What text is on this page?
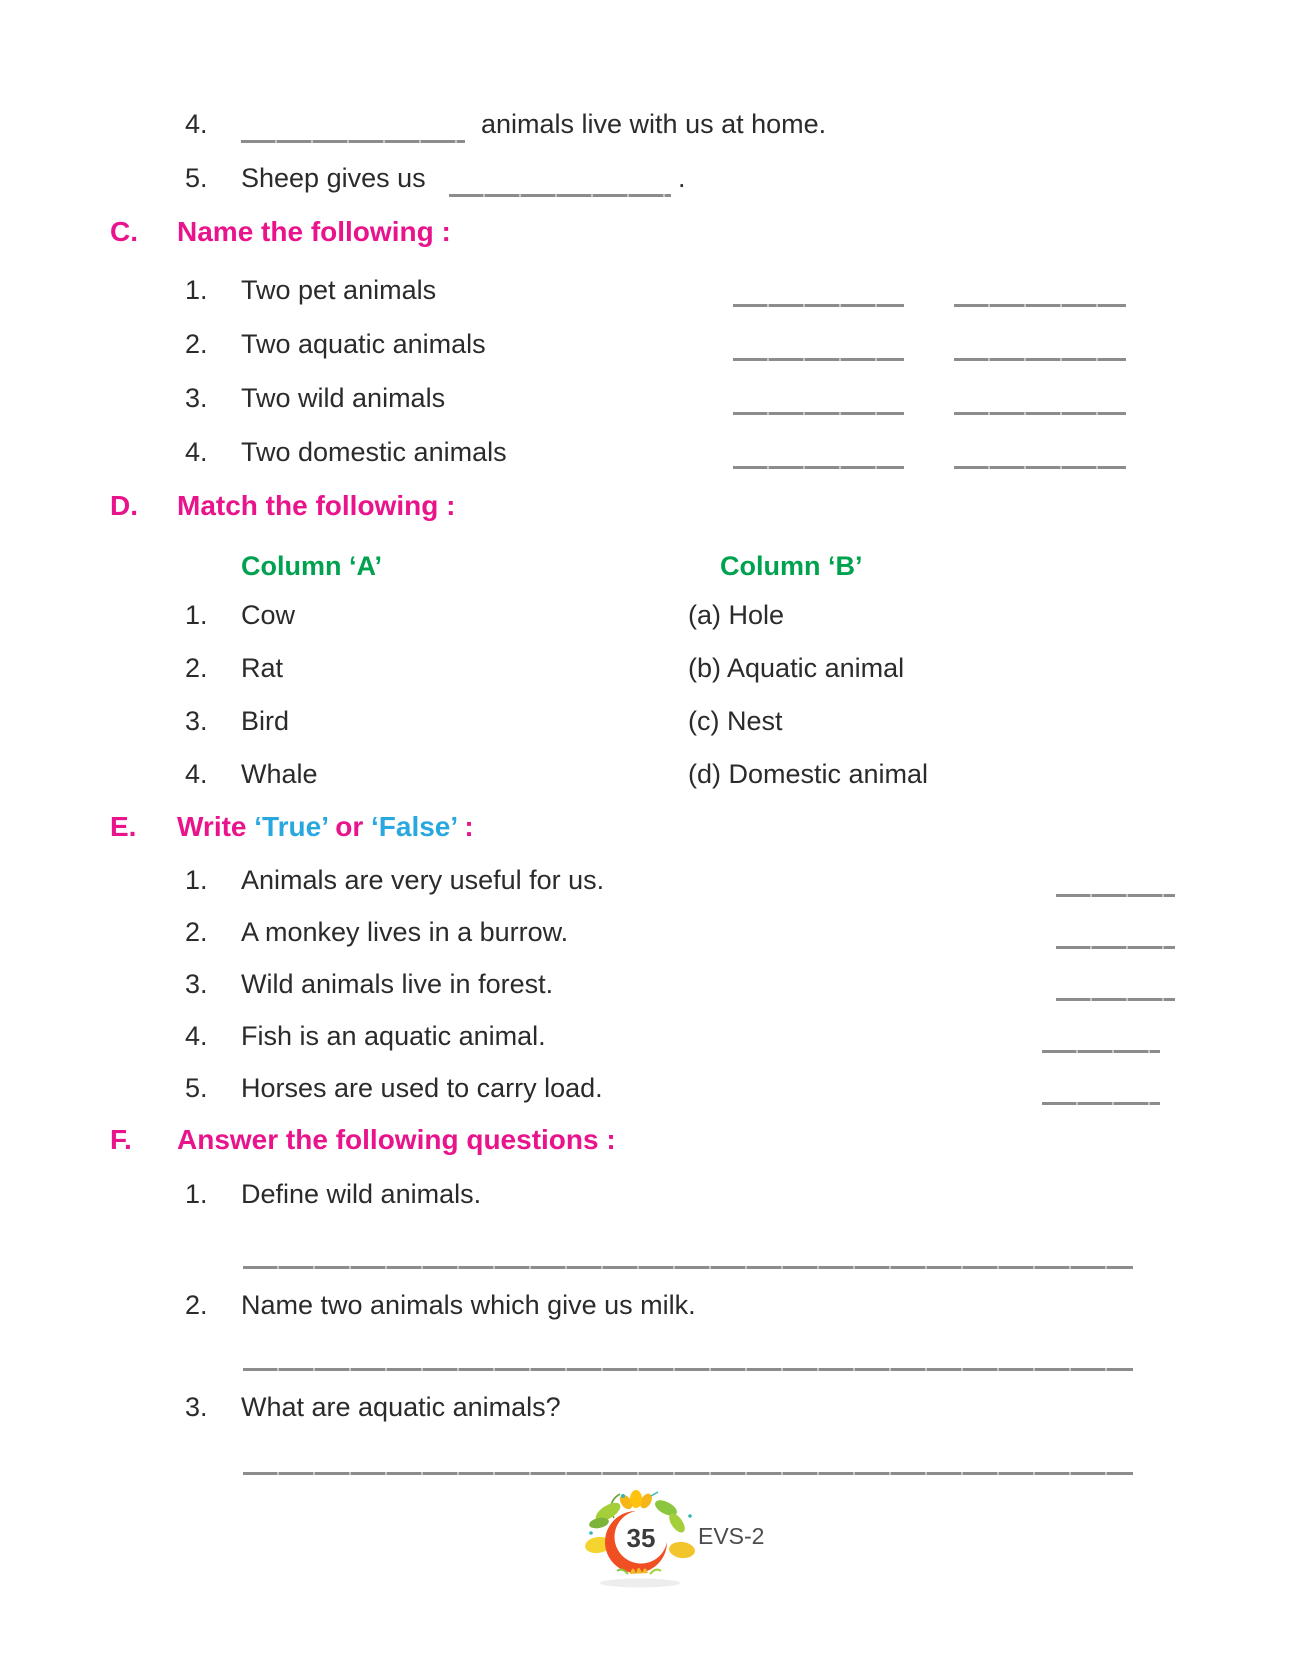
4.	animals live with us at home.
5. Sheep gives us	.
C. Name the following :
1. Two pet animals
2. Two aquatic animals
3. Two wild animals
4. Two domestic animals
D. Match the following :
Column ‘A’	Column ‘B’
1. Cow	(a) Hole
2. Rat	(b) Aquatic animal
3. Bird	(c) Nest
4. Whale	(d) Domestic animal
E. Write ‘True’ or ‘False’ :
1. Animals are very useful for us.
2. A monkey lives in a burrow.
3. Wild animals live in forest.
4. Fish is an aquatic animal.
5. Horses are used to carry load.
F. Answer the following questions :
1. Define wild animals.
2. Name two animals which give us milk.
3. What are aquatic animals?
35 EVS-2
